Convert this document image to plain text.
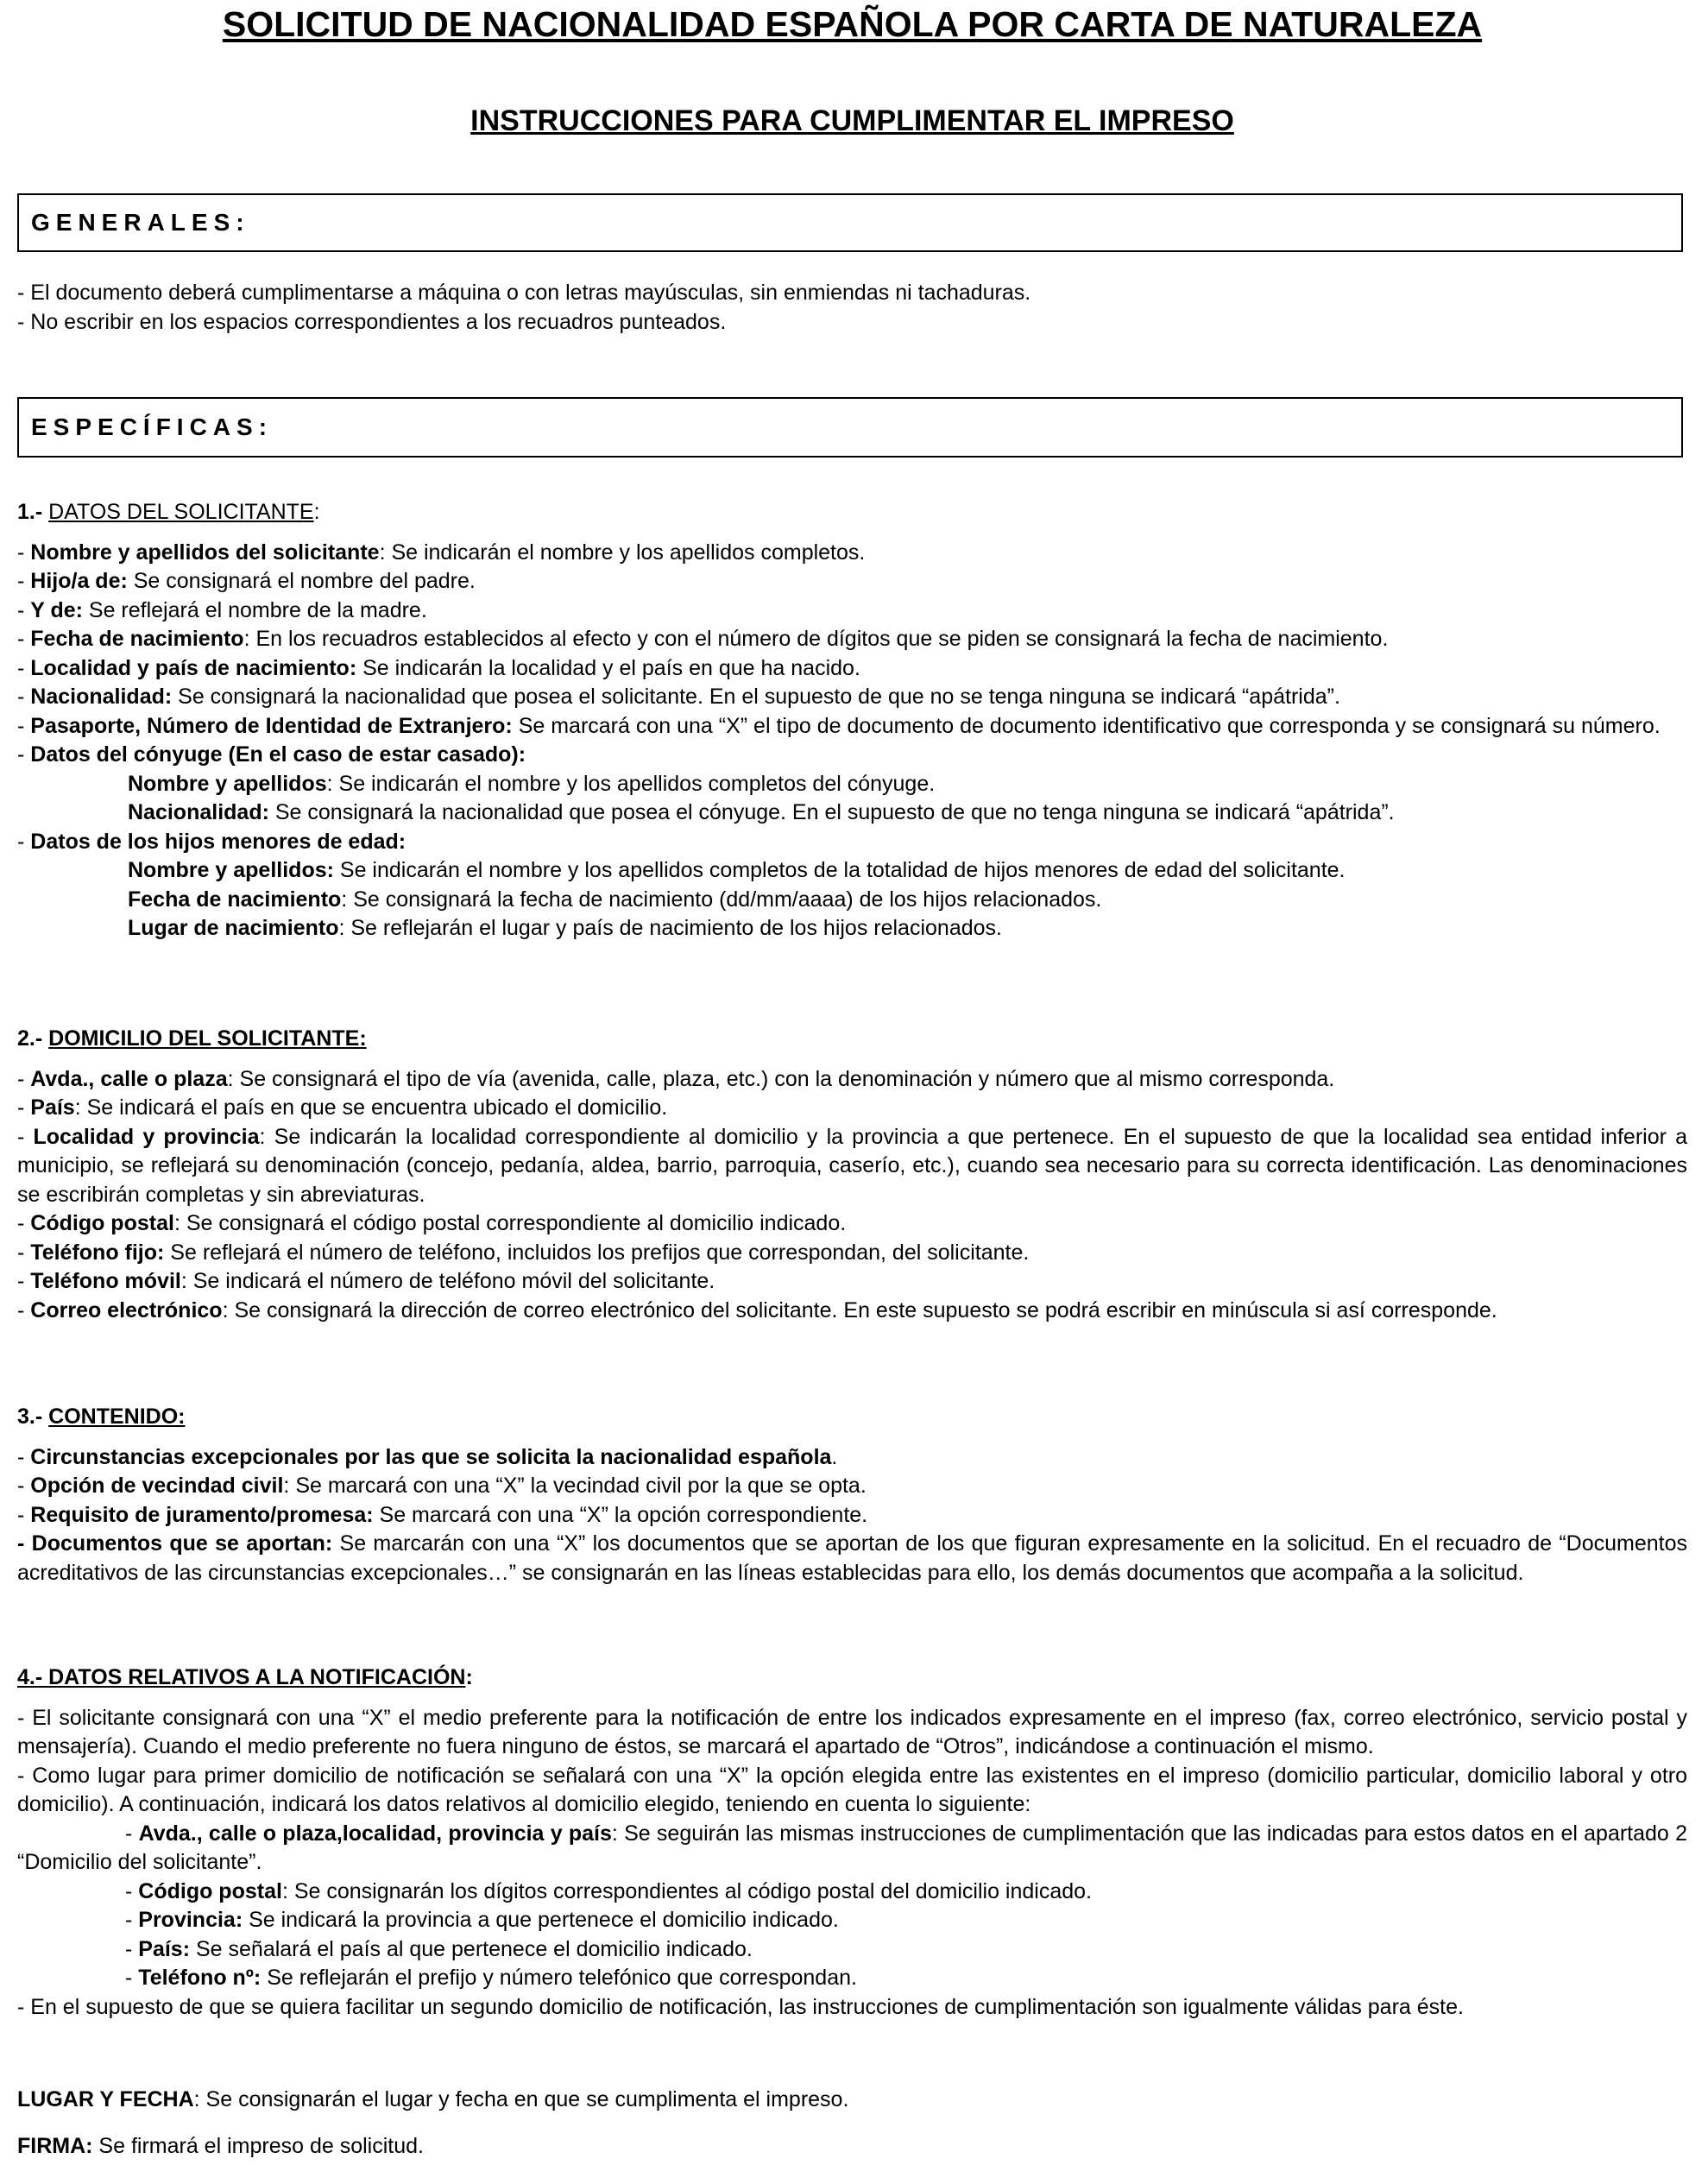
SOLICITUD DE NACIONALIDAD ESPAÑOLA POR CARTA DE NATURALEZA
INSTRUCCIONES PARA CUMPLIMENTAR EL IMPRESO
GENERALES:

- El documento deberá cumplimentarse a máquina o con letras mayúsculas, sin enmiendas ni tachaduras.

- No escribir en los espacios correspondientes a los recuadros punteados.

ESPECÍFICAS:

1.- DATOS DEL SOLICITANTE:

- Nombre y apellidos del solicitante: Se indicarán el nombre y los apellidos completos.

- Hijo/a de: Se consignará el nombre del padre.

- Y de: Se reflejará el nombre de la madre.

- Fecha de nacimiento: En los recuadros establecidos al efecto y con el número de dígitos que se piden se consignará la fecha de nacimiento.

- Localidad y país de nacimiento: Se indicarán la localidad y el país en que ha nacido.

- Nacionalidad: Se consignará la nacionalidad que posea el solicitante. En el supuesto de que no se tenga ninguna se indicará “apátrida”.

- Pasaporte, Número de Identidad de Extranjero: Se marcará con una “X” el tipo de documento de documento identificativo que corresponda y se consignará su número.

- Datos del cónyuge (En el caso de estar casado):

Nombre y apellidos: Se indicarán el nombre y los apellidos completos del cónyuge.

Nacionalidad: Se consignará la nacionalidad que posea el cónyuge. En el supuesto de que no tenga ninguna se indicará “apátrida”.

- Datos de los hijos menores de edad:

Nombre y apellidos: Se indicarán el nombre y los apellidos completos de la totalidad de hijos menores de edad del solicitante.

Fecha de nacimiento: Se consignará la fecha de nacimiento (dd/mm/aaaa) de los hijos relacionados.

Lugar de nacimiento: Se reflejarán el lugar y país de nacimiento de los hijos relacionados.

2.- DOMICILIO DEL SOLICITANTE:

- Avda., calle o plaza: Se consignará el tipo de vía (avenida, calle, plaza, etc.) con la denominación y número que al mismo corresponda.

- País: Se indicará el país en que se encuentra ubicado el domicilio.

- Localidad y provincia: Se indicarán la localidad correspondiente al domicilio y la provincia a que pertenece. En el supuesto de que la localidad sea entidad inferior a municipio, se reflejará su denominación (concejo, pedanía, aldea, barrio, parroquia, caserío, etc.), cuando sea necesario para su correcta identificación. Las denominaciones se escribirán completas y sin abreviaturas.

- Código postal: Se consignará el código postal correspondiente al domicilio indicado.

- Teléfono fijo: Se reflejará el número de teléfono, incluidos los prefijos que correspondan, del solicitante.

- Teléfono móvil: Se indicará el número de teléfono móvil del solicitante.

- Correo electrónico: Se consignará la dirección de correo electrónico del solicitante. En este supuesto se podrá escribir en minúscula si así corresponde.

3.- CONTENIDO:

- Circunstancias excepcionales por las que se solicita la nacionalidad española.

- Opción de vecindad civil: Se marcará con una “X” la vecindad civil por la que se opta.

- Requisito de juramento/promesa: Se marcará con una “X” la opción correspondiente.

- Documentos que se aportan: Se marcarán con una “X” los documentos que se aportan de los que figuran expresamente en la solicitud. En el recuadro de “Documentos acreditativos de las circunstancias excepcionales…” se consignarán en las líneas establecidas para ello, los demás documentos que acompaña a la solicitud.

4.- DATOS RELATIVOS A LA NOTIFICACIÓN:

- El solicitante consignará con una “X” el medio preferente para la notificación de entre los indicados expresamente en el impreso (fax, correo electrónico, servicio postal y mensajería). Cuando el medio preferente no fuera ninguno de éstos, se marcará el apartado de “Otros”, indicándose a continuación el mismo.

- Como lugar para primer domicilio de notificación se señalará con una “X” la opción elegida entre las existentes en el impreso (domicilio particular, domicilio laboral y otro domicilio). A continuación, indicará los datos relativos al domicilio elegido, teniendo en cuenta lo siguiente:

- Avda., calle o plaza,localidad, provincia y país: Se seguirán las mismas instrucciones de cumplimentación que las indicadas para estos datos en el apartado 2 “Domicilio del solicitante”.

- Código postal: Se consignarán los dígitos correspondientes al código postal del domicilio indicado.

- Provincia: Se indicará la provincia a que pertenece el domicilio indicado.

- País: Se señalará el país al que pertenece el domicilio indicado.

- Teléfono nº: Se reflejarán el prefijo y número telefónico que correspondan.

- En el supuesto de que se quiera facilitar un segundo domicilio de notificación, las instrucciones de cumplimentación son igualmente válidas para éste.

LUGAR Y FECHA: Se consignarán el lugar y fecha en que se cumplimenta el impreso.

FIRMA: Se firmará el impreso de solicitud.
